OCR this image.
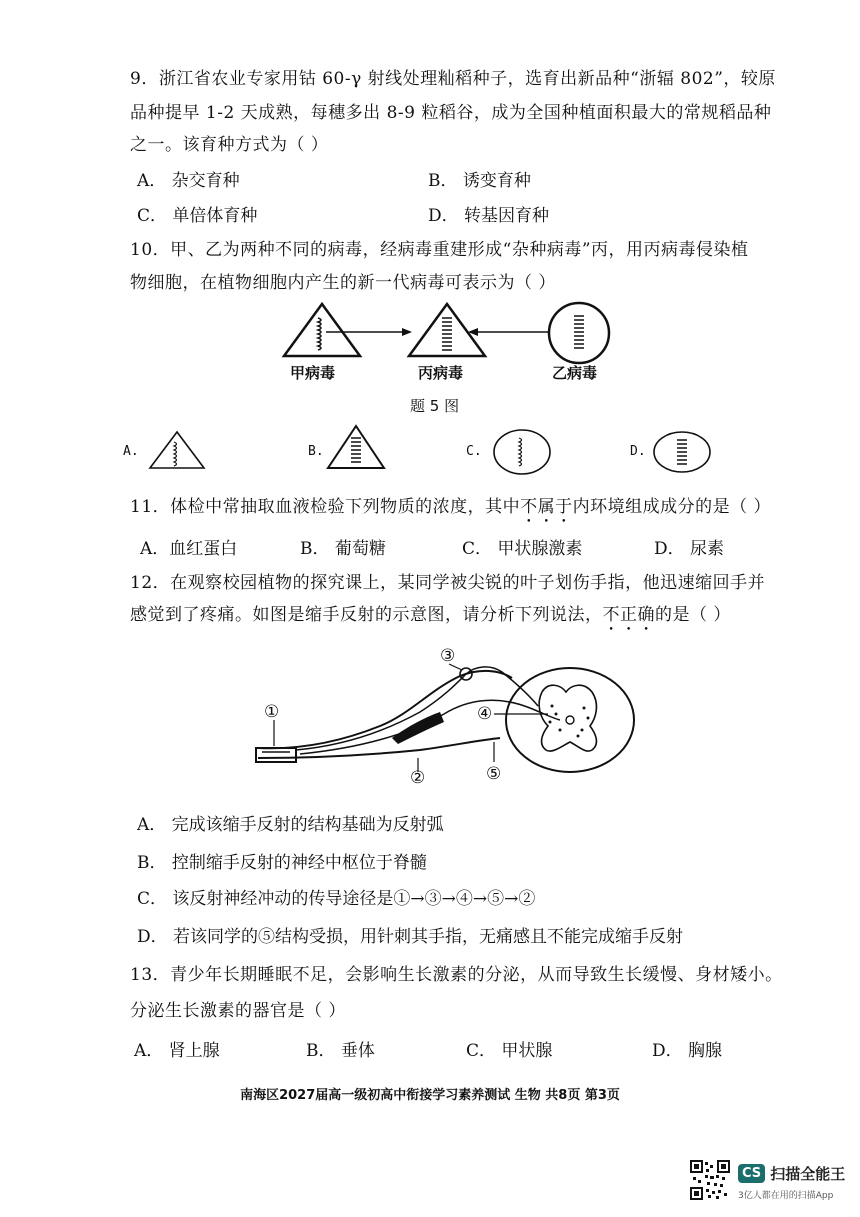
9．浙江省农业专家用钴 60-γ 射线处理籼稻种子，选育出新品种“浙辐 802”，较原
品种提早 1-2 天成熟，每穗多出 8-9 粒稻谷，成为全国种植面积最大的常规稻品种
之一。该育种方式为（ ）
A． 杂交育种	B． 诱变育种
C． 单倍体育种	D． 转基因育种
10．甲、乙为两种不同的病毒，经病毒重建形成“杂种病毒”丙，用丙病毒侵染植
物细胞，在植物细胞内产生的新一代病毒可表示为（ ）
甲病毒	丙病毒	乙病毒
题 5 图
A.	B.	C.	D.
11．体检中常抽取血液检验下列物质的浓度，其中不属于内环境组成成分的是（ ）
A．血红蛋白	B． 葡萄糖	C． 甲状腺激素	D． 尿素
12．在观察校园植物的探究课上，某同学被尖锐的叶子划伤手指，他迅速缩回手并
感觉到了疼痛。如图是缩手反射的示意图，请分析下列说法，不正确的是（ ）
①
②
③
④
⑤
A． 完成该缩手反射的结构基础为反射弧
B． 控制缩手反射的神经中枢位于脊髓
C． 该反射神经冲动的传导途径是①→③→④→⑤→②
D． 若该同学的⑤结构受损，用针刺其手指，无痛感且不能完成缩手反射
13．青少年长期睡眠不足，会影响生长激素的分泌，从而导致生长缓慢、身材矮小。
分泌生长激素的器官是（ ）
A． 肾上腺	B． 垂体	C． 甲状腺	D． 胸腺
南海区2027届高一级初高中衔接学习素养测试 生物 共8页 第3页
CS 扫描全能王
3亿人都在用的扫描App
